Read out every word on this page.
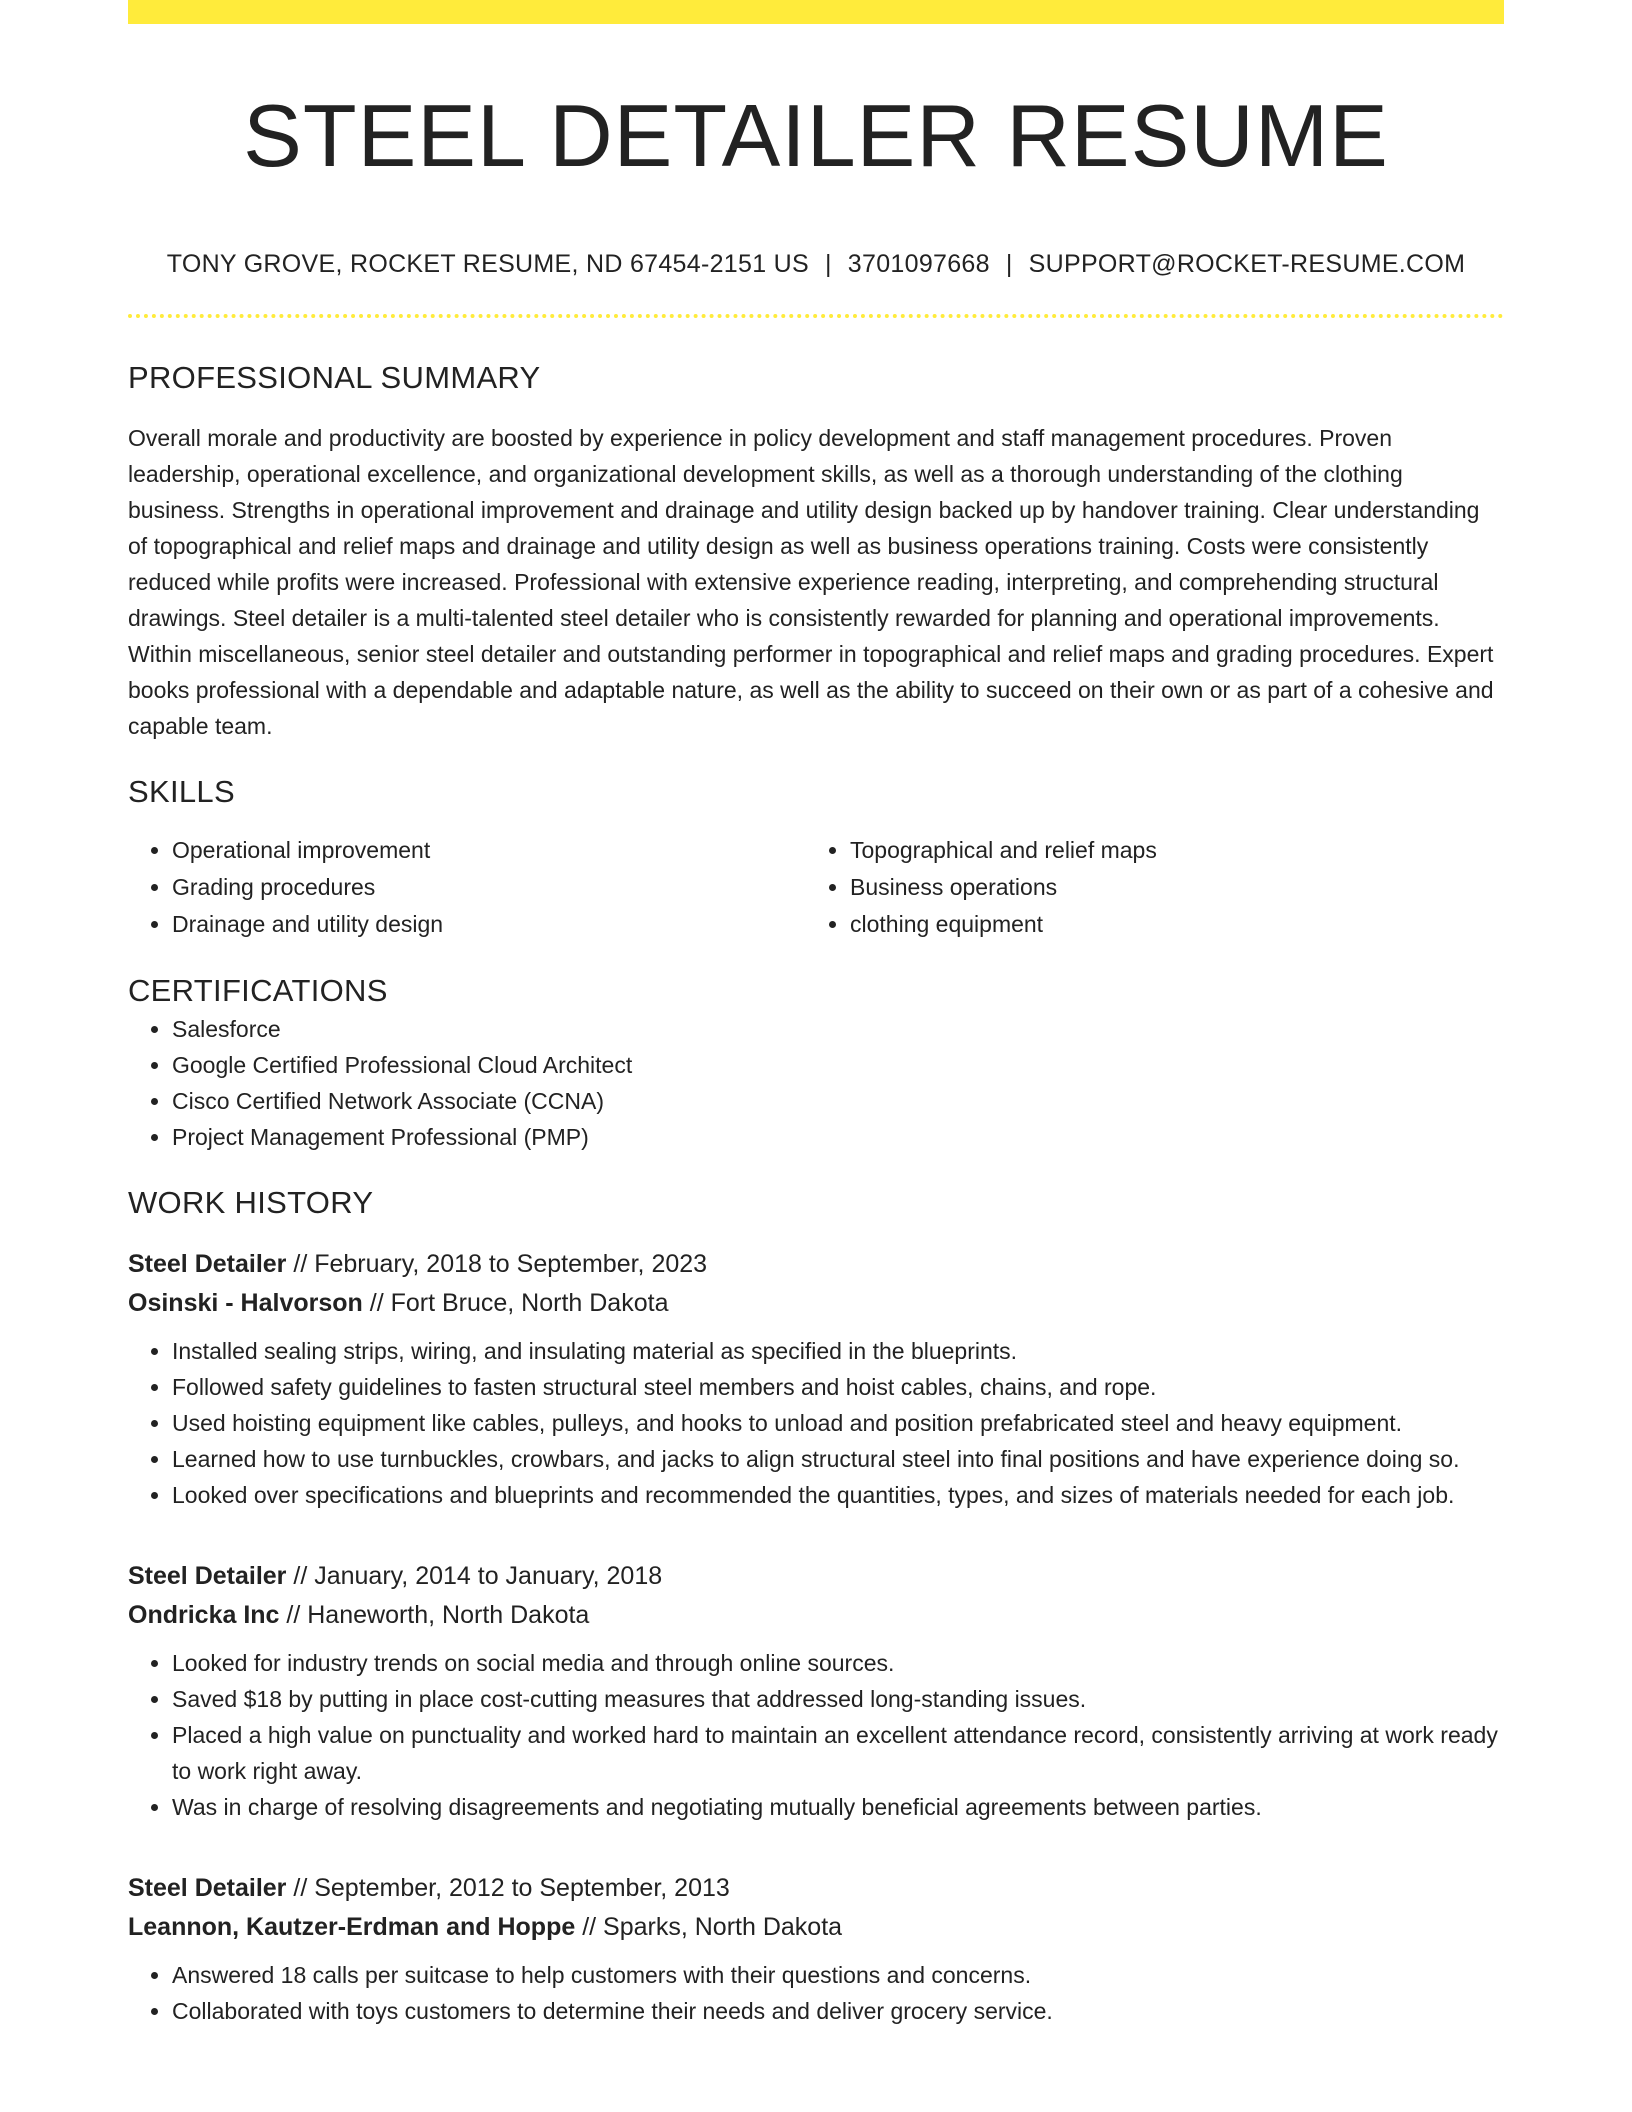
STEEL DETAILER RESUME
TONY GROVE, ROCKET RESUME, ND 67454-2151 US | 3701097668 | SUPPORT@ROCKET-RESUME.COM
PROFESSIONAL SUMMARY

Overall morale and productivity are boosted by experience in policy development and staff management procedures. Proven leadership, operational excellence, and organizational development skills, as well as a thorough understanding of the clothing business. Strengths in operational improvement and drainage and utility design backed up by handover training. Clear understanding of topographical and relief maps and drainage and utility design as well as business operations training. Costs were consistently reduced while profits were increased. Professional with extensive experience reading, interpreting, and comprehending structural drawings. Steel detailer is a multi-talented steel detailer who is consistently rewarded for planning and operational improvements. Within miscellaneous, senior steel detailer and outstanding performer in topographical and relief maps and grading procedures. Expert books professional with a dependable and adaptable nature, as well as the ability to succeed on their own or as part of a cohesive and capable team.

SKILLS
• Operational improvement
• Grading procedures
• Drainage and utility design
• Topographical and relief maps
• Business operations
• clothing equipment
CERTIFICATIONS
• Salesforce
• Google Certified Professional Cloud Architect
• Cisco Certified Network Associate (CCNA)
• Project Management Professional (PMP)
WORK HISTORY
Steel Detailer // February, 2018 to September, 2023
Osinski - Halvorson // Fort Bruce, North Dakota
• Installed sealing strips, wiring, and insulating material as specified in the blueprints.
• Followed safety guidelines to fasten structural steel members and hoist cables, chains, and rope.
• Used hoisting equipment like cables, pulleys, and hooks to unload and position prefabricated steel and heavy equipment.
• Learned how to use turnbuckles, crowbars, and jacks to align structural steel into final positions and have experience doing so.
• Looked over specifications and blueprints and recommended the quantities, types, and sizes of materials needed for each job.
Steel Detailer // January, 2014 to January, 2018
Ondricka Inc // Haneworth, North Dakota
• Looked for industry trends on social media and through online sources.
• Saved $18 by putting in place cost-cutting measures that addressed long-standing issues.
• Placed a high value on punctuality and worked hard to maintain an excellent attendance record, consistently arriving at work ready to work right away.
• Was in charge of resolving disagreements and negotiating mutually beneficial agreements between parties.
Steel Detailer // September, 2012 to September, 2013
Leannon, Kautzer-Erdman and Hoppe // Sparks, North Dakota
• Answered 18 calls per suitcase to help customers with their questions and concerns.
• Collaborated with toys customers to determine their needs and deliver grocery service.
